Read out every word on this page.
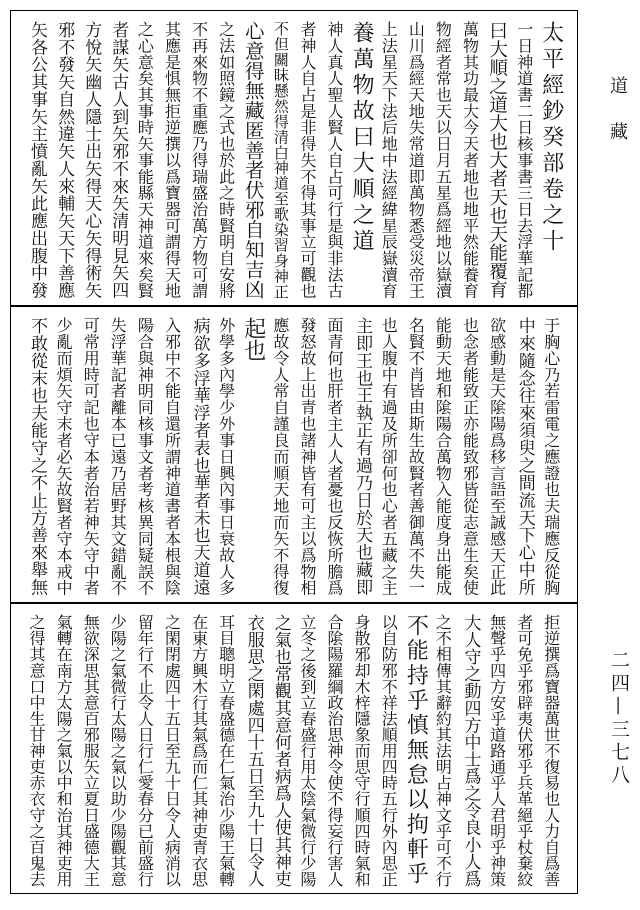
太平經鈔癸部卷之十
一日神道書二日核事書三日去浮華記都
曰大順之道大也大者天也天能覆育
萬物其功最大今天者地也地平然能養育
物經者常也天以日月五星爲經地以嶽瀆
山川爲經天地失常道即萬物悉受災帝王
上法星天下法后地中法經緯星辰嶽瀆育
養萬物故曰大順之道
神人真人聖人賢人自占可行是與非法古
者神人自占是非得失不得其事立可觀也
不但關眜懸然得清白神道至歌染習身神正
心意得無藏匿善者伏邪自知吉凶
之法如照鏡之式也於此之時賢明自安將
不再來物不重應乃得瑞盛治萬方物可謂
其應是惧無拒逆撰以爲寶器可謂得天地
之心意矣其事時矢事能縣天神道來矣賢
者謀矢古人到矢邪不來矢清明見矢四
方悅矢幽人隱士出矢得天心矢得術矢
邪不發矢自然違矢人來輔矢天下善應
矢各公其事矢主憤亂矢此應出腹中發
于胸心乃若雷電之應證也夫瑞應反從胸
中來隨念往來須臾之間流天下心中所
欲感動是天隂陽爲移言語至誠感天正此
也念者能致正亦能致邪皆從志意生矣使
能動天地和隂陽合萬物入能度身出能成
名賢不肖皆由斯生故賢者善御萬不失一
也人腹中有過及所卻何也心者五藏之主
主即王也王執正有過乃日於天也藏即
面青何也肝者主人人者憂也反恢所膽爲
發怒故上出青也諸神皆有可主以爲物相
應故令人常自謹良而順天地而矢不得復
起也
外學多內學少外事日興內事日衰故人多
病欲多浮華浮者表也華者未也天道遠
入邪中不能自還所謂神道書者本根與陰
陽合與神明同核事文者考核異同疑誤不
失浮華記者離本已遠乃居野其文錯亂不
可常用時可記也守本者治若神矢守中者
少亂而煩矢守末者必矢故賢者守本戒中
不敢從末也夫能守之不止方善來舉無
拒逆撰爲寶器萬世不復易也人力自爲善
者可免乎邪辟夷伏邪乎兵革絕乎杖棄絞
無聲乎四方安乎道路通乎人君明乎神策
大人守之動四方中士爲之令良小人爲
之不相傳其辭約其法明占神文乎可不行
不能持乎慎無怠以拘軒乎
以自防邪不祥法順用四時五行外內思正
身散邪却木梓隱象而思守行順四時氣和
合隂陽羅綱政治思神令使不得妄行害人
立冬之後到立春盛行用太陰氣微行少陽
之氣也常觀其意何者病爲人使其神吏
衣服思之閑處四十五日至九十日令人
耳目聰明立春盛德在仁氣治少陽王氣轉
在東方興木行其氣爲而仁其神吏青衣思
之閑閉處四十五日至九十日令人病消以
留年行不止令人日行仁愛春分已前盛行
少陽之氣微行太陽之氣以助少陽觀其意
無欲深思其意百邪服矢立夏日盛德大王
氣轉在南方太陽之氣以中和治其神吏用
之得其意口中生甘神吏赤衣守之百鬼去
道藏
二四—三七八
